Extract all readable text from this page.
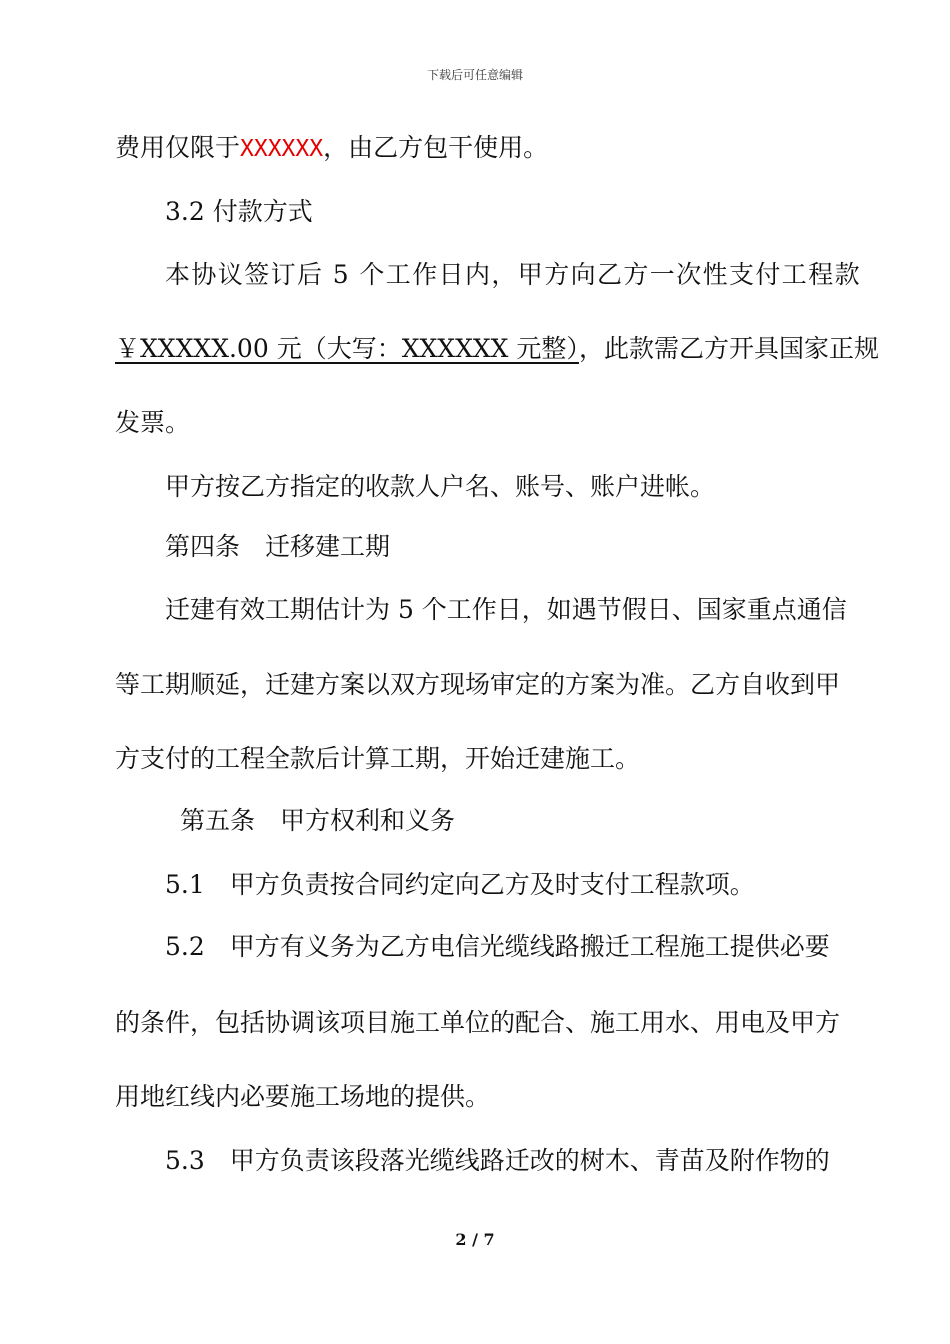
下载后可任意编辑
费用仅限于XXXXXX，由乙方包干使用。
3.2 付款方式
本协议签订后 5 个工作日内，甲方向乙方一次性支付工程款
￥XXXXX.00 元（大写：XXXXXX 元整），此款需乙方开具国家正规
发票。
甲方按乙方指定的收款人户名、账号、账户进帐。
第四条　迁移建工期
迁建有效工期估计为 5 个工作日，如遇节假日、国家重点通信
等工期顺延，迁建方案以双方现场审定的方案为准。乙方自收到甲
方支付的工程全款后计算工期，开始迁建施工。
第五条　甲方权利和义务
5.1　甲方负责按合同约定向乙方及时支付工程款项。
5.2　甲方有义务为乙方电信光缆线路搬迁工程施工提供必要
的条件，包括协调该项目施工单位的配合、施工用水、用电及甲方
用地红线内必要施工场地的提供。
5.3　甲方负责该段落光缆线路迁改的树木、青苗及附作物的
2 / 7
